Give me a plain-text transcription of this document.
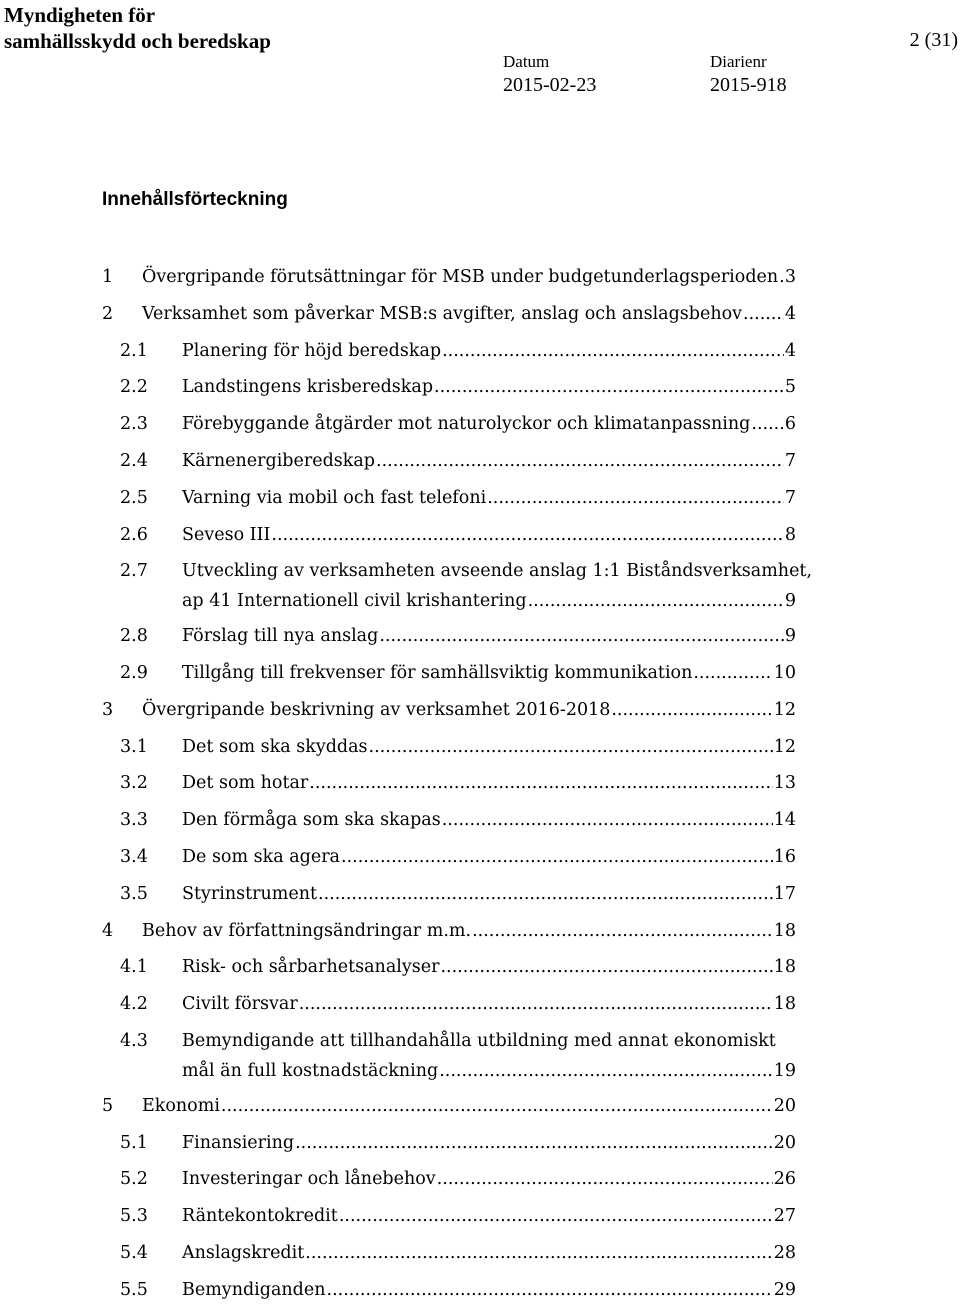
Myndigheten för
samhällsskydd och beredskap	2 (31)
Datum
2015-02-23
Diarienr
2015-918
Innehållsförteckning
1	Övergripande förutsättningar för MSB under budgetunderlagsperioden ..... 3
2	Verksamhet som påverkar MSB:s avgifter, anslag och anslagsbehov ..... 4
2.1	Planering för höjd beredskap .....	4
2.2	Landstingens krisberedskap .....	5
2.3	Förebyggande åtgärder mot naturolyckor och klimatanpassning ..... 6
2.4	Kärnenergiberedskap .....	7
2.5	Varning via mobil och fast telefoni .....	7
2.6	Seveso III .....	8
2.7	Utveckling av verksamheten avseende anslag 1:1 Biståndsverksamhet,
ap 41 Internationell civil krishantering .....	9
2.8	Förslag till nya anslag .....	9
2.9	Tillgång till frekvenser för samhällsviktig kommunikation .....	10
3	Övergripande beskrivning av verksamhet 2016-2018 .....	12
3.1	Det som ska skyddas .....	12
3.2	Det som hotar .....	13
3.3	Den förmåga som ska skapas .....	14
3.4	De som ska agera .....	16
3.5	Styrinstrument .....	17
4	Behov av författningsändringar m.m. .....	18
4.1	Risk- och sårbarhetsanalyser .....	18
4.2	Civilt försvar .....	18
4.3	Bemyndigande att tillhandahålla utbildning med annat ekonomiskt
mål än full kostnadstäckning .....	19
5	Ekonomi .....	20
5.1	Finansiering .....	20
5.2	Investeringar och lånebehov .....	26
5.3	Räntekontokredit .....	27
5.4	Anslagskredit .....	28
5.5	Bemyndiganden .....	29
